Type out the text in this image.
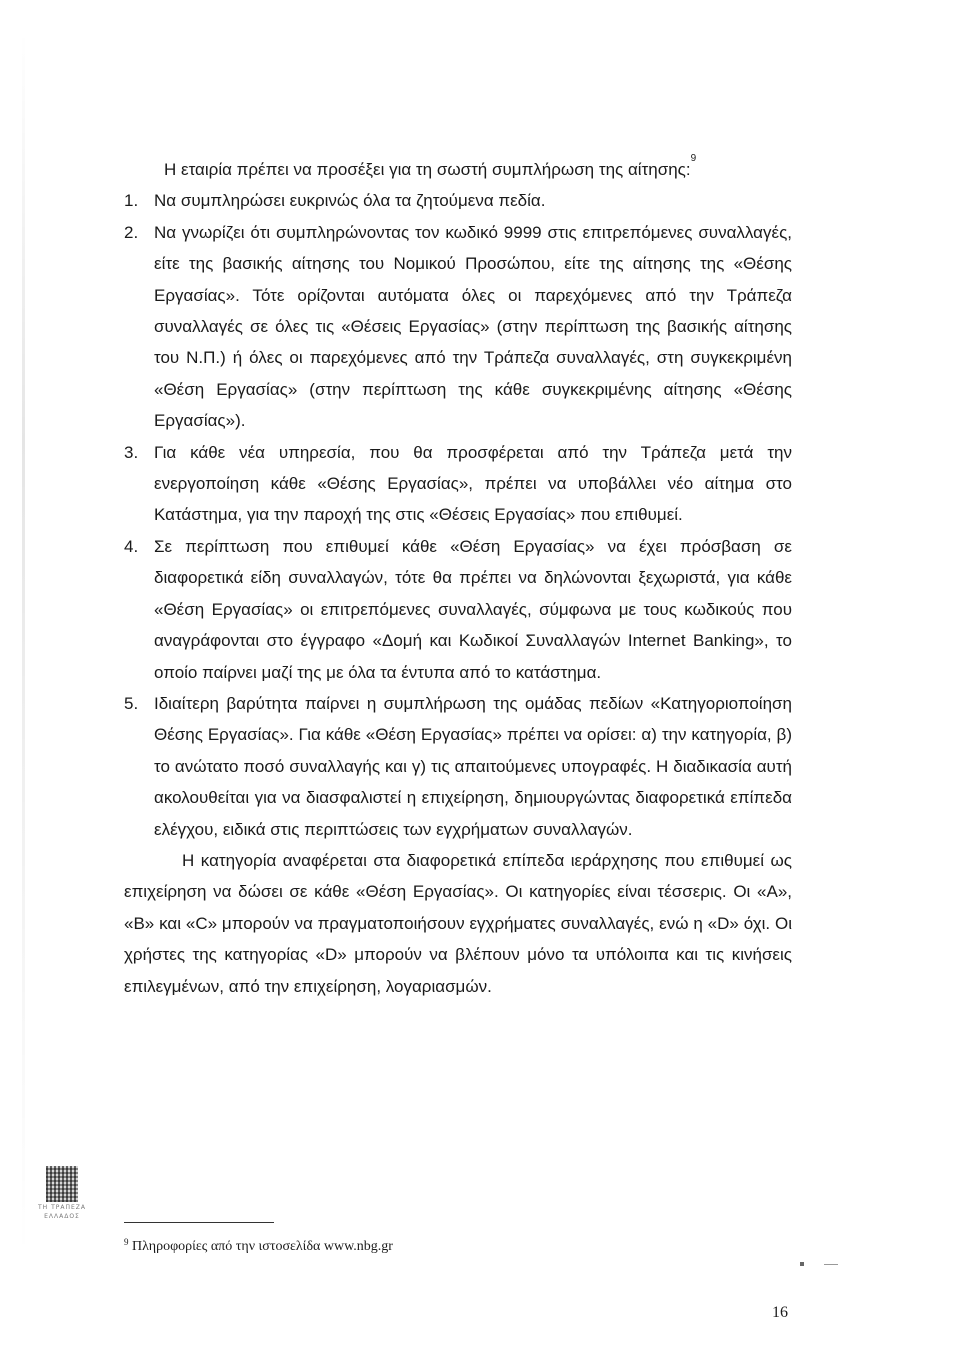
Η εταιρία πρέπει να προσέξει για τη σωστή συμπλήρωση της αίτησης:$^9$

1. Να συμπληρώσει ευκρινώς όλα τα ζητούμενα πεδία.
2. Να γνωρίζει ότι συμπληρώνοντας τον κωδικό 9999 στις επιτρεπόμενες συναλλαγές, είτε της βασικής αίτησης του Νομικού Προσώπου, είτε της αίτησης της «Θέσης Εργασίας». Τότε ορίζονται αυτόματα όλες οι παρεχόμενες από την Τράπεζα συναλλαγές σε όλες τις «Θέσεις Εργασίας» (στην περίπτωση της βασικής αίτησης του Ν.Π.) ή όλες οι παρεχόμενες από την Τράπεζα συναλλαγές, στη συγκεκριμένη «Θέση Εργασίας» (στην περίπτωση της κάθε συγκεκριμένης αίτησης «Θέσης Εργασίας»).
3. Για κάθε νέα υπηρεσία, που θα προσφέρεται από την Τράπεζα μετά την ενεργοποίηση κάθε «Θέσης Εργασίας», πρέπει να υποβάλλει νέο αίτημα στο Κατάστημα, για την παροχή της στις «Θέσεις Εργασίας» που επιθυμεί.
4. Σε περίπτωση που επιθυμεί κάθε «Θέση Εργασίας» να έχει πρόσβαση σε διαφορετικά είδη συναλλαγών, τότε θα πρέπει να δηλώνονται ξεχωριστά, για κάθε «Θέση Εργασίας» οι επιτρεπόμενες συναλλαγές, σύμφωνα με τους κωδικούς που αναγράφονται στο έγγραφο «Δομή και Κωδικοί Συναλλαγών Internet Banking», το οποίο παίρνει μαζί της με όλα τα έντυπα από το κατάστημα.
5. Ιδιαίτερη βαρύτητα παίρνει η συμπλήρωση της ομάδας πεδίων «Κατηγοριοποίηση Θέσης Εργασίας». Για κάθε «Θέση Εργασίας» πρέπει να ορίσει: α) την κατηγορία, β) το ανώτατο ποσό συναλλαγής και γ) τις απαιτούμενες υπογραφές. Η διαδικασία αυτή ακολουθείται για να διασφαλιστεί η επιχείρηση, δημιουργώντας διαφορετικά επίπεδα ελέγχου, ειδικά στις περιπτώσεις των εγχρήματων συναλλαγών.

Η κατηγορία αναφέρεται στα διαφορετικά επίπεδα ιεράρχησης που επιθυμεί ως επιχείρηση να δώσει σε κάθε «Θέση Εργασίας». Οι κατηγορίες είναι τέσσερις. Οι «Α», «Β» και «C» μπορούν να πραγματοποιήσουν εγχρήματες συναλλαγές, ενώ η «D» όχι. Οι χρήστες της κατηγορίας «D» μπορούν να βλέπουν μόνο τα υπόλοιπα και τις κινήσεις επιλεγμένων, από την επιχείρηση, λογαριασμών.

ΤΗ ΤΡΑΠΕΖΑ
ΕΛΛΑΔΟΣ
$^9$ Πληροφορίες από την ιστοσελίδα www.nbg.gr
16
